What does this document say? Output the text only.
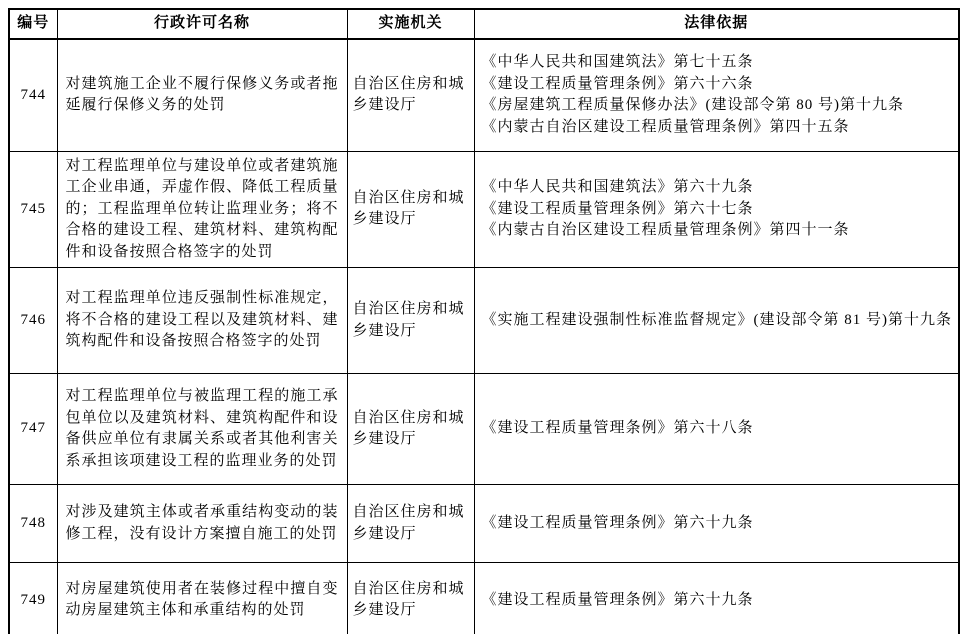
编号	行政许可名称	实施机关	法律依据
744	对建筑施工企业不履行保修义务或者拖延履行保修义务的处罚	自治区住房和城乡建设厅	《中华人民共和国建筑法》第七十五条
《建设工程质量管理条例》第六十六条
《房屋建筑工程质量保修办法》(建设部令第 80 号)第十九条
《内蒙古自治区建设工程质量管理条例》第四十五条

745	对工程监理单位与建设单位或者建筑施工企业串通，弄虚作假、降低工程质量的；工程监理单位转让监理业务；将不合格的建设工程、建筑材料、建筑构配件和设备按照合格签字的处罚	自治区住房和城乡建设厅	《中华人民共和国建筑法》第六十九条
《建设工程质量管理条例》第六十七条
《内蒙古自治区建设工程质量管理条例》第四十一条

746	对工程监理单位违反强制性标准规定，将不合格的建设工程以及建筑材料、建筑构配件和设备按照合格签字的处罚	自治区住房和城乡建设厅	《实施工程建设强制性标准监督规定》(建设部令第 81 号)第十九条

747	对工程监理单位与被监理工程的施工承包单位以及建筑材料、建筑构配件和设备供应单位有隶属关系或者其他利害关系承担该项建设工程的监理业务的处罚	自治区住房和城乡建设厅	《建设工程质量管理条例》第六十八条

748	对涉及建筑主体或者承重结构变动的装修工程，没有设计方案擅自施工的处罚	自治区住房和城乡建设厅	《建设工程质量管理条例》第六十九条

749	对房屋建筑使用者在装修过程中擅自变动房屋建筑主体和承重结构的处罚	自治区住房和城乡建设厅	《建设工程质量管理条例》第六十九条
